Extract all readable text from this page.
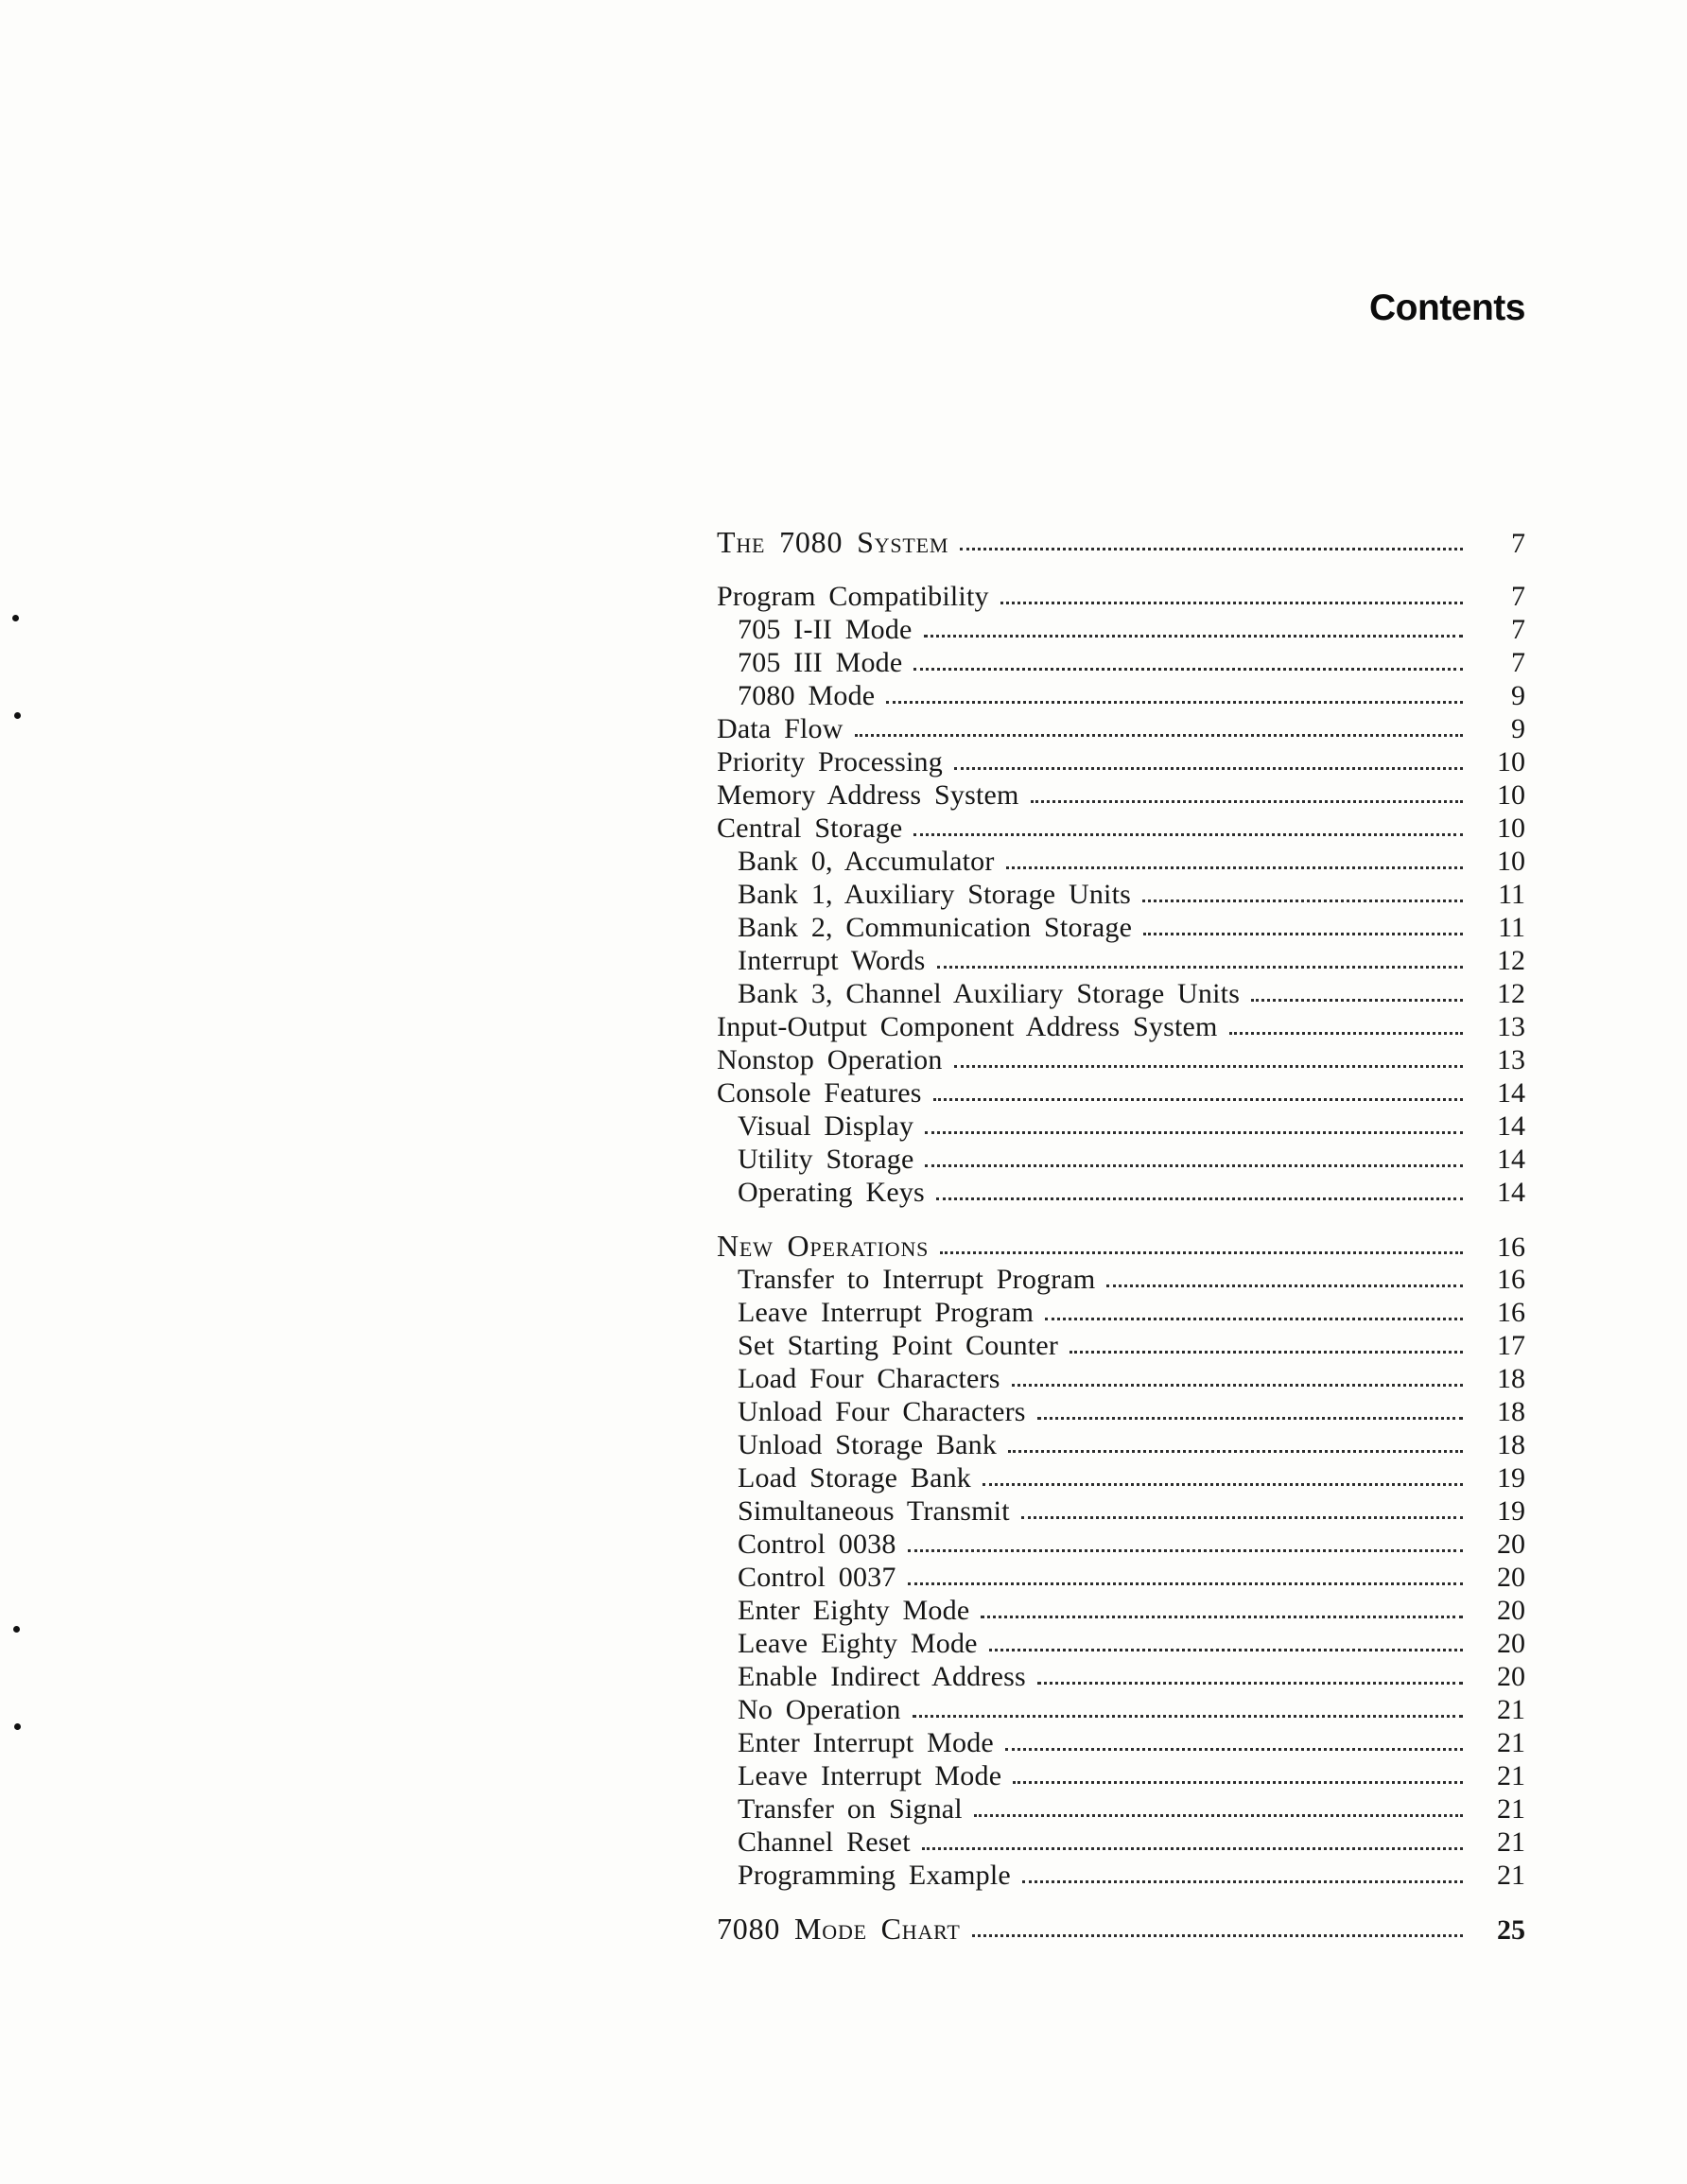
Contents
The 7080 System	7
Program Compatibility	7
705 I-II Mode	7
705 III Mode	7
7080 Mode	9
Data Flow	9
Priority Processing	10
Memory Address System	10
Central Storage	10
Bank 0, Accumulator	10
Bank 1, Auxiliary Storage Units	11
Bank 2, Communication Storage	11
Interrupt Words	12
Bank 3, Channel Auxiliary Storage Units	12
Input-Output Component Address System	13
Nonstop Operation	13
Console Features	14
Visual Display	14
Utility Storage	14
Operating Keys	14
New Operations	16
Transfer to Interrupt Program	16
Leave Interrupt Program	16
Set Starting Point Counter	17
Load Four Characters	18
Unload Four Characters	18
Unload Storage Bank	18
Load Storage Bank	19
Simultaneous Transmit	19
Control 0038	20
Control 0037	20
Enter Eighty Mode	20
Leave Eighty Mode	20
Enable Indirect Address	20
No Operation	21
Enter Interrupt Mode	21
Leave Interrupt Mode	21
Transfer on Signal	21
Channel Reset	21
Programming Example	21
7080 Mode Chart	25
